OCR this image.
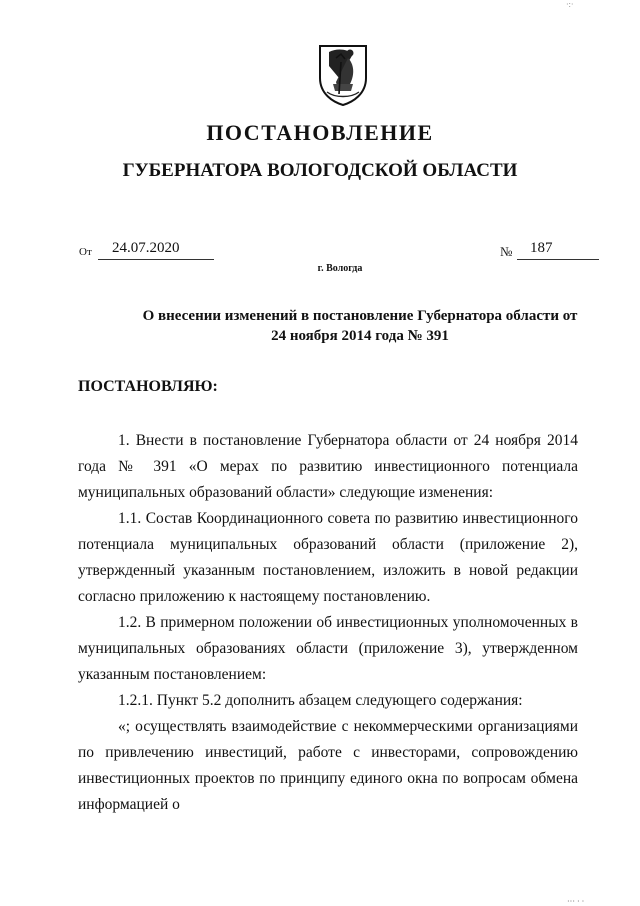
·:·
ПОСТАНОВЛЕНИЕ
ГУБЕРНАТОРА ВОЛОГОДСКОЙ ОБЛАСТИ
От 24.07.2020	№ 187
г. Вологда
О внесении изменений в постановление Губернатора области от 24 ноября 2014 года № 391
ПОСТАНОВЛЯЮ:

1. Внести в постановление Губернатора области от 24 ноября 2014 года № 391 «О мерах по развитию инвестиционного потенциала муниципальных образований области» следующие изменения:

1.1. Состав Координационного совета по развитию инвестиционного потенциала муниципальных образований области (приложение 2), утвержденный указанным постановлением, изложить в новой редакции согласно приложению к настоящему постановлению.

1.2. В примерном положении об инвестиционных уполномоченных в муниципальных образованиях области (приложение 3), утвержденном указанным постановлением:

1.2.1. Пункт 5.2 дополнить абзацем следующего содержания:

«; осуществлять взаимодействие с некоммерческими организациями по привлечению инвестиций, работе с инвесторами, сопровождению инвестиционных проектов по принципу единого окна по вопросам обмена информацией о

··· · ·
